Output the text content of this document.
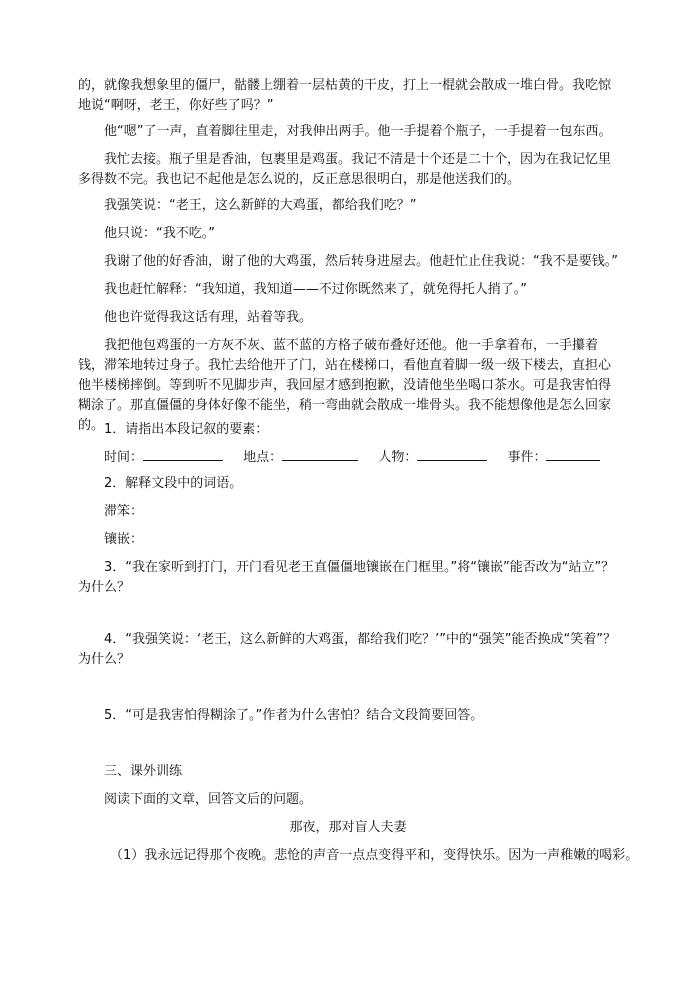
的，就像我想象里的僵尸，骷髅上绷着一层枯黄的干皮，打上一棍就会散成一堆白骨。我吃惊地说“啊呀，老王，你好些了吗？”

他“嗯”了一声，直着脚往里走，对我伸出两手。他一手提着个瓶子，一手提着一包东西。

我忙去接。瓶子里是香油，包裹里是鸡蛋。我记不清是十个还是二十个，因为在我记忆里多得数不完。我也记不起他是怎么说的，反正意思很明白，那是他送我们的。

我强笑说：“老王，这么新鲜的大鸡蛋，都给我们吃？”

他只说：“我不吃。”

我谢了他的好香油，谢了他的大鸡蛋，然后转身进屋去。他赶忙止住我说：“我不是要钱。”

我也赶忙解释：“我知道，我知道——不过你既然来了，就免得托人捎了。”

他也许觉得我这话有理，站着等我。

我把他包鸡蛋的一方灰不灰、蓝不蓝的方格子破布叠好还他。他一手拿着布，一手攥着钱，滞笨地转过身子。我忙去给他开了门，站在楼梯口，看他直着脚一级一级下楼去，直担心他半楼梯摔倒。等到听不见脚步声，我回屋才感到抱歉，没请他坐坐喝口茶水。可是我害怕得糊涂了。那直僵僵的身体好像不能坐，稍一弯曲就会散成一堆骨头。我不能想像他是怎么回家的。 1．请指出本段记叙的要素：

时间：	地点：	人物：	事件：

2．解释文段中的词语。

滞笨：

镶嵌：

3．“我在家听到打门，开门看见老王直僵僵地镶嵌在门框里。”将“镶嵌”能否改为“站立”？为什么？

4．“我强笑说：‘老王，这么新鲜的大鸡蛋，都给我们吃？’”中的“强笑”能否换成“笑着”？为什么？

5．“可是我害怕得糊涂了。”作者为什么害怕？结合文段简要回答。

三、课外训练

阅读下面的文章，回答文后的问题。

那夜，那对盲人夫妻

（1）我永远记得那个夜晚。悲怆的声音一点点变得平和，变得快乐。因为一声稚嫩的喝彩。
